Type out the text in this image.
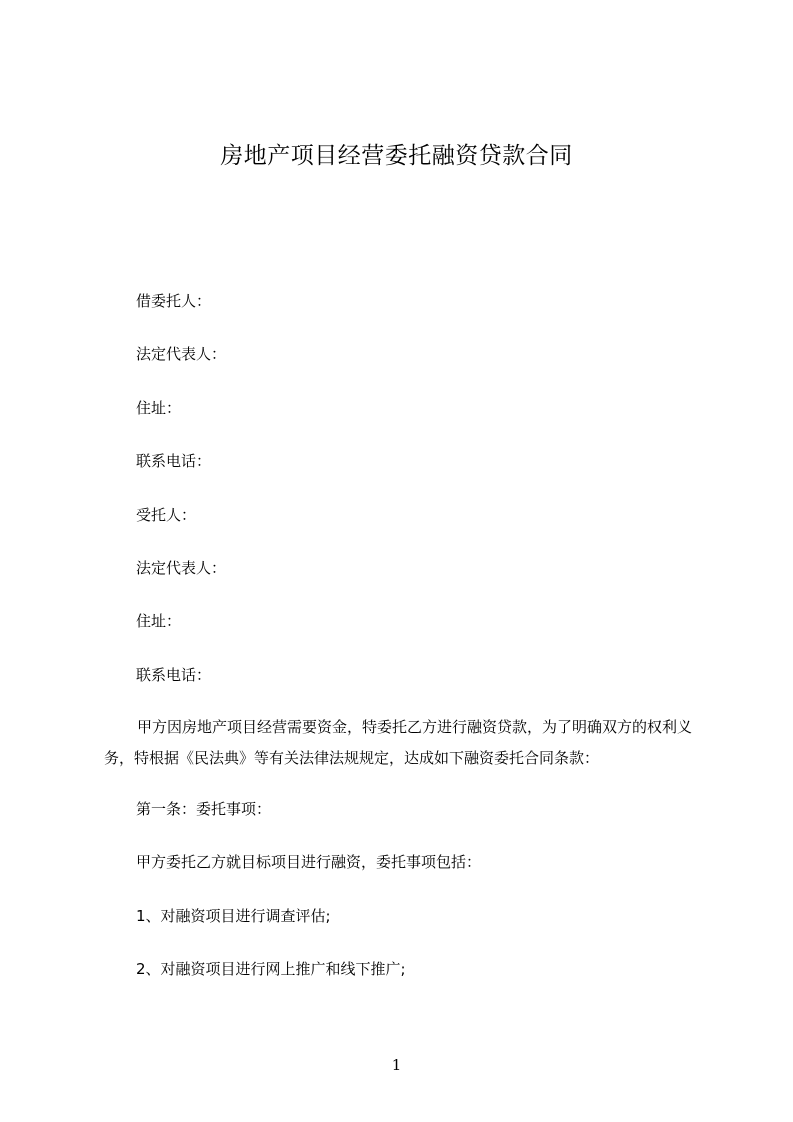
房地产项目经营委托融资贷款合同
借委托人：
法定代表人：
住址：
联系电话：
受托人：
法定代表人：
住址：
联系电话：
甲方因房地产项目经营需要资金，特委托乙方进行融资贷款，为了明确双方的权利义务，特根据《民法典》等有关法律法规规定，达成如下融资委托合同条款：
第一条：委托事项：
甲方委托乙方就目标项目进行融资，委托事项包括：
1、对融资项目进行调查评估;
2、对融资项目进行网上推广和线下推广;
1
